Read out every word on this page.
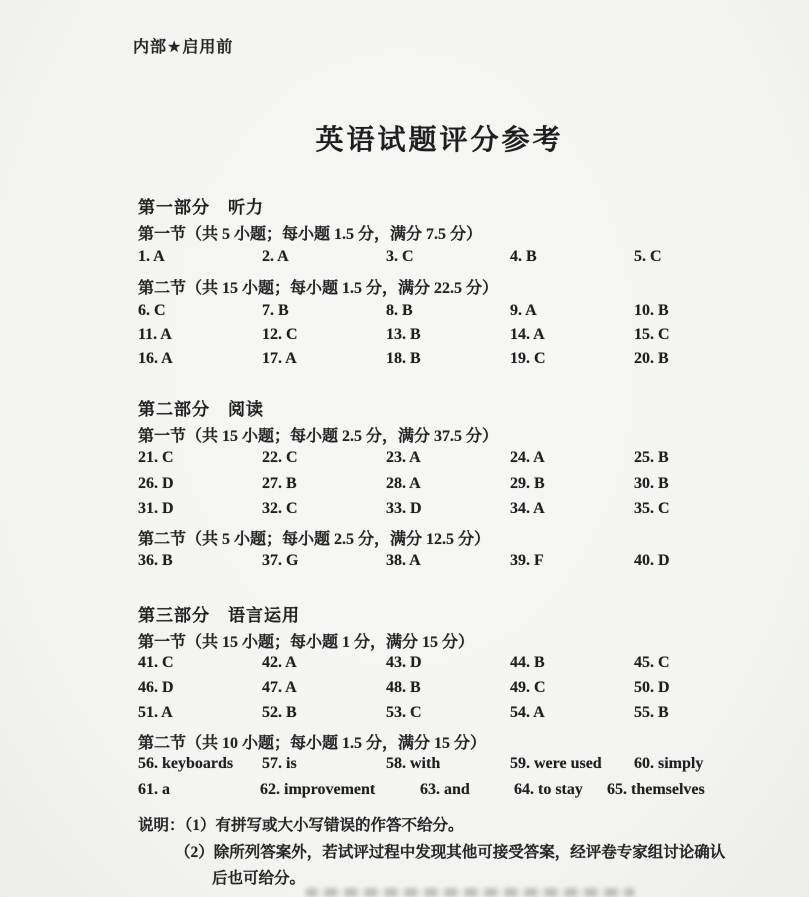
内部★启用前
英语试题评分参考
第一部分　听力
第一节（共 5 小题；每小题 1.5 分，满分 7.5 分）
1. A	2. A	3. C	4. B	5. C
第二节（共 15 小题；每小题 1.5 分，满分 22.5 分）
6. C	7. B	8. B	9. A	10. B
11. A	12. C	13. B	14. A	15. C
16. A	17. A	18. B	19. C	20. B
第二部分　阅读
第一节（共 15 小题；每小题 2.5 分，满分 37.5 分）
21. C	22. C	23. A	24. A	25. B
26. D	27. B	28. A	29. B	30. B
31. D	32. C	33. D	34. A	35. C
第二节（共 5 小题；每小题 2.5 分，满分 12.5 分）
36. B	37. G	38. A	39. F	40. D
第三部分　语言运用
第一节（共 15 小题；每小题 1 分，满分 15 分）
41. C	42. A	43. D	44. B	45. C
46. D	47. A	48. B	49. C	50. D
51. A	52. B	53. C	54. A	55. B
第二节（共 10 小题；每小题 1.5 分，满分 15 分）
56. keyboards	57. is	58. with	59. were used	60. simply
61. a	62. improvement	63. and	64. to stay	65. themselves
说明：（1）有拼写或大小写错误的作答不给分。
（2）除所列答案外，若试评过程中发现其他可接受答案，经评卷专家组讨论确认
后也可给分。
